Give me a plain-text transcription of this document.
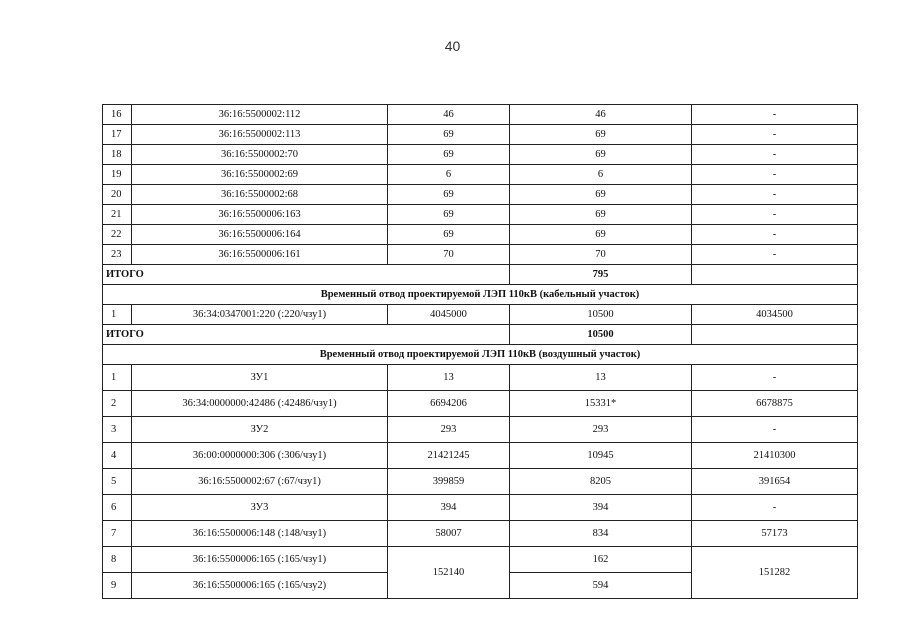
40
16	36:16:5500002:112	46	46	-
17	36:16:5500002:113	69	69	-
18	36:16:5500002:70	69	69	-
19	36:16:5500002:69	6	6	-
20	36:16:5500002:68	69	69	-
21	36:16:5500006:163	69	69	-
22	36:16:5500006:164	69	69	-
23	36:16:5500006:161	70	70	-
ИТОГО			795	
Временный отвод проектируемой ЛЭП 110кВ (кабельный участок)				
1	36:34:0347001:220 (:220/чзу1)	4045000	10500	4034500
ИТОГО			10500	
Временный отвод проектируемой ЛЭП 110кВ (воздушный участок)				
1	ЗУ1	13	13	-
2	36:34:0000000:42486 (:42486/чзу1)	6694206	15331*	6678875
3	ЗУ2	293	293	-
4	36:00:0000000:306 (:306/чзу1)	21421245	10945	21410300
5	36:16:5500002:67 (:67/чзу1)	399859	8205	391654
6	ЗУ3	394	394	-
7	36:16:5500006:148 (:148/чзу1)	58007	834	57173
8	36:16:5500006:165 (:165/чзу1)	152140	162	151282
9	36:16:5500006:165 (:165/чзу2)		594	
